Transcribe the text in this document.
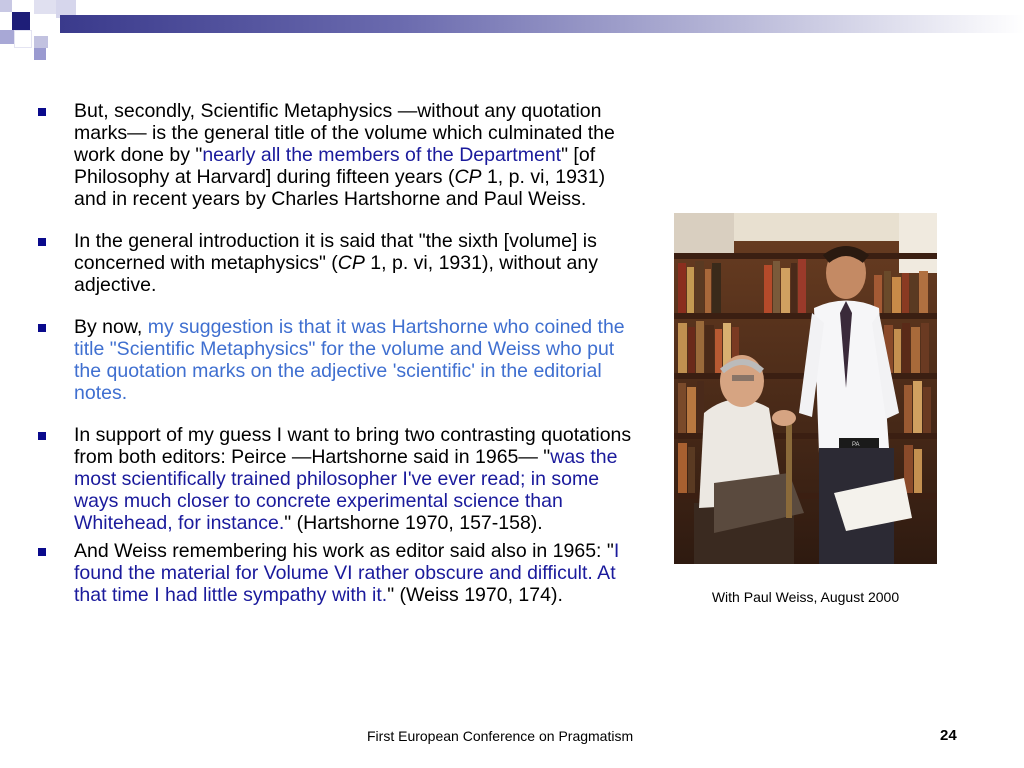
But, secondly, Scientific Metaphysics —without any quotation marks— is the general title of the volume which culminated the work done by "nearly all the members of the Department" [of Philosophy at Harvard] during fifteen years (CP 1, p. vi, 1931) and in recent years by Charles Hartshorne and Paul Weiss.
In the general introduction it is said that "the sixth [volume] is concerned with metaphysics" (CP 1, p. vi, 1931), without any adjective.
By now, my suggestion is that it was Hartshorne who coined the title "Scientific Metaphysics" for the volume and Weiss who put the quotation marks on the adjective 'scientific' in the editorial notes.
In support of my guess I want to bring two contrasting quotations from both editors: Peirce —Hartshorne said in 1965— "was the most scientifically trained philosopher I've ever read; in some ways much closer to concrete experimental science than Whitehead, for instance." (Hartshorne 1970, 157-158).
And Weiss remembering his work as editor said also in 1965: "I found the material for Volume VI rather obscure and difficult. At that time I had little sympathy with it." (Weiss 1970, 174).
PA
With Paul Weiss, August 2000
First European Conference on Pragmatism	24
